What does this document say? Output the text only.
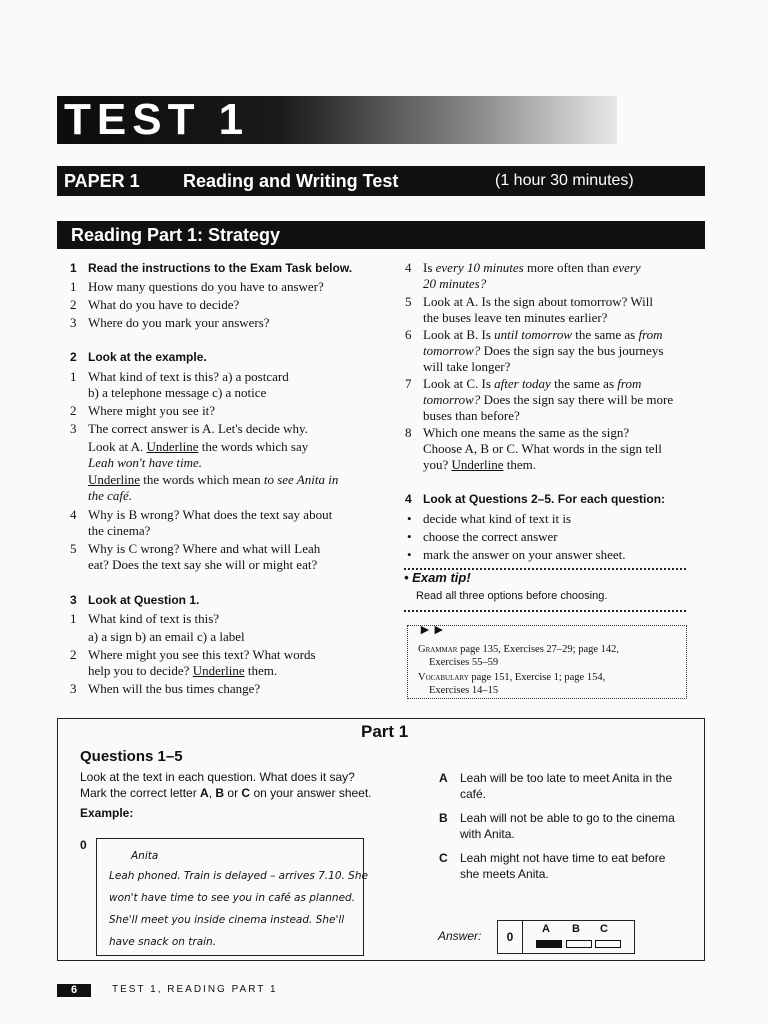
TEST 1
PAPER 1 Reading and Writing Test	(1 hour 30 minutes)
Reading Part 1: Strategy
1 Read the instructions to the Exam Task below.
1 How many questions do you have to answer?
2 What do you have to decide?
3 Where do you mark your answers?
2 Look at the example.
1 What kind of text is this? a) a postcard
b) a telephone message c) a notice
2 Where might you see it?
3 The correct answer is A. Let's decide why.
Look at A. Underline the words which say
Leah won't have time.
Underline the words which mean to see Anita in
the café.
4 Why is B wrong? What does the text say about
the cinema?
5 Why is C wrong? Where and what will Leah
eat? Does the text say she will or might eat?
3 Look at Question 1.
1 What kind of text is this?
a) a sign b) an email c) a label
2 Where might you see this text? What words
help you to decide? Underline them.
3 When will the bus times change?
4 Is every 10 minutes more often than every
20 minutes?
5 Look at A. Is the sign about tomorrow? Will
the buses leave ten minutes earlier?
6 Look at B. Is until tomorrow the same as from
tomorrow? Does the sign say the bus journeys
will take longer?
7 Look at C. Is after today the same as from
tomorrow? Does the sign say there will be more
buses than before?
8 Which one means the same as the sign?
Choose A, B or C. What words in the sign tell
you? Underline them.
4 Look at Questions 2–5. For each question:
• decide what kind of text it is
• choose the correct answer
• mark the answer on your answer sheet.
• Exam tip!
Read all three options before choosing.
►►
Grammar page 135, Exercises 27–29; page 142,
Exercises 55–59
Vocabulary page 151, Exercise 1; page 154,
Exercises 14–15
Part 1
Questions 1–5
Look at the text in each question. What does it say?
Mark the correct letter A, B or C on your answer sheet.
Example:
0
Anita
Leah phoned. Train is delayed – arrives 7.10. She
won't have time to see you in café as planned.
She'll meet you inside cinema instead. She'll
have snack on train.
A Leah will be too late to meet Anita in the
café.
B Leah will not be able to go to the cinema
with Anita.
C Leah might not have time to eat before
she meets Anita.
Answer:	0
A B C
6	TEST 1, READING PART 1
